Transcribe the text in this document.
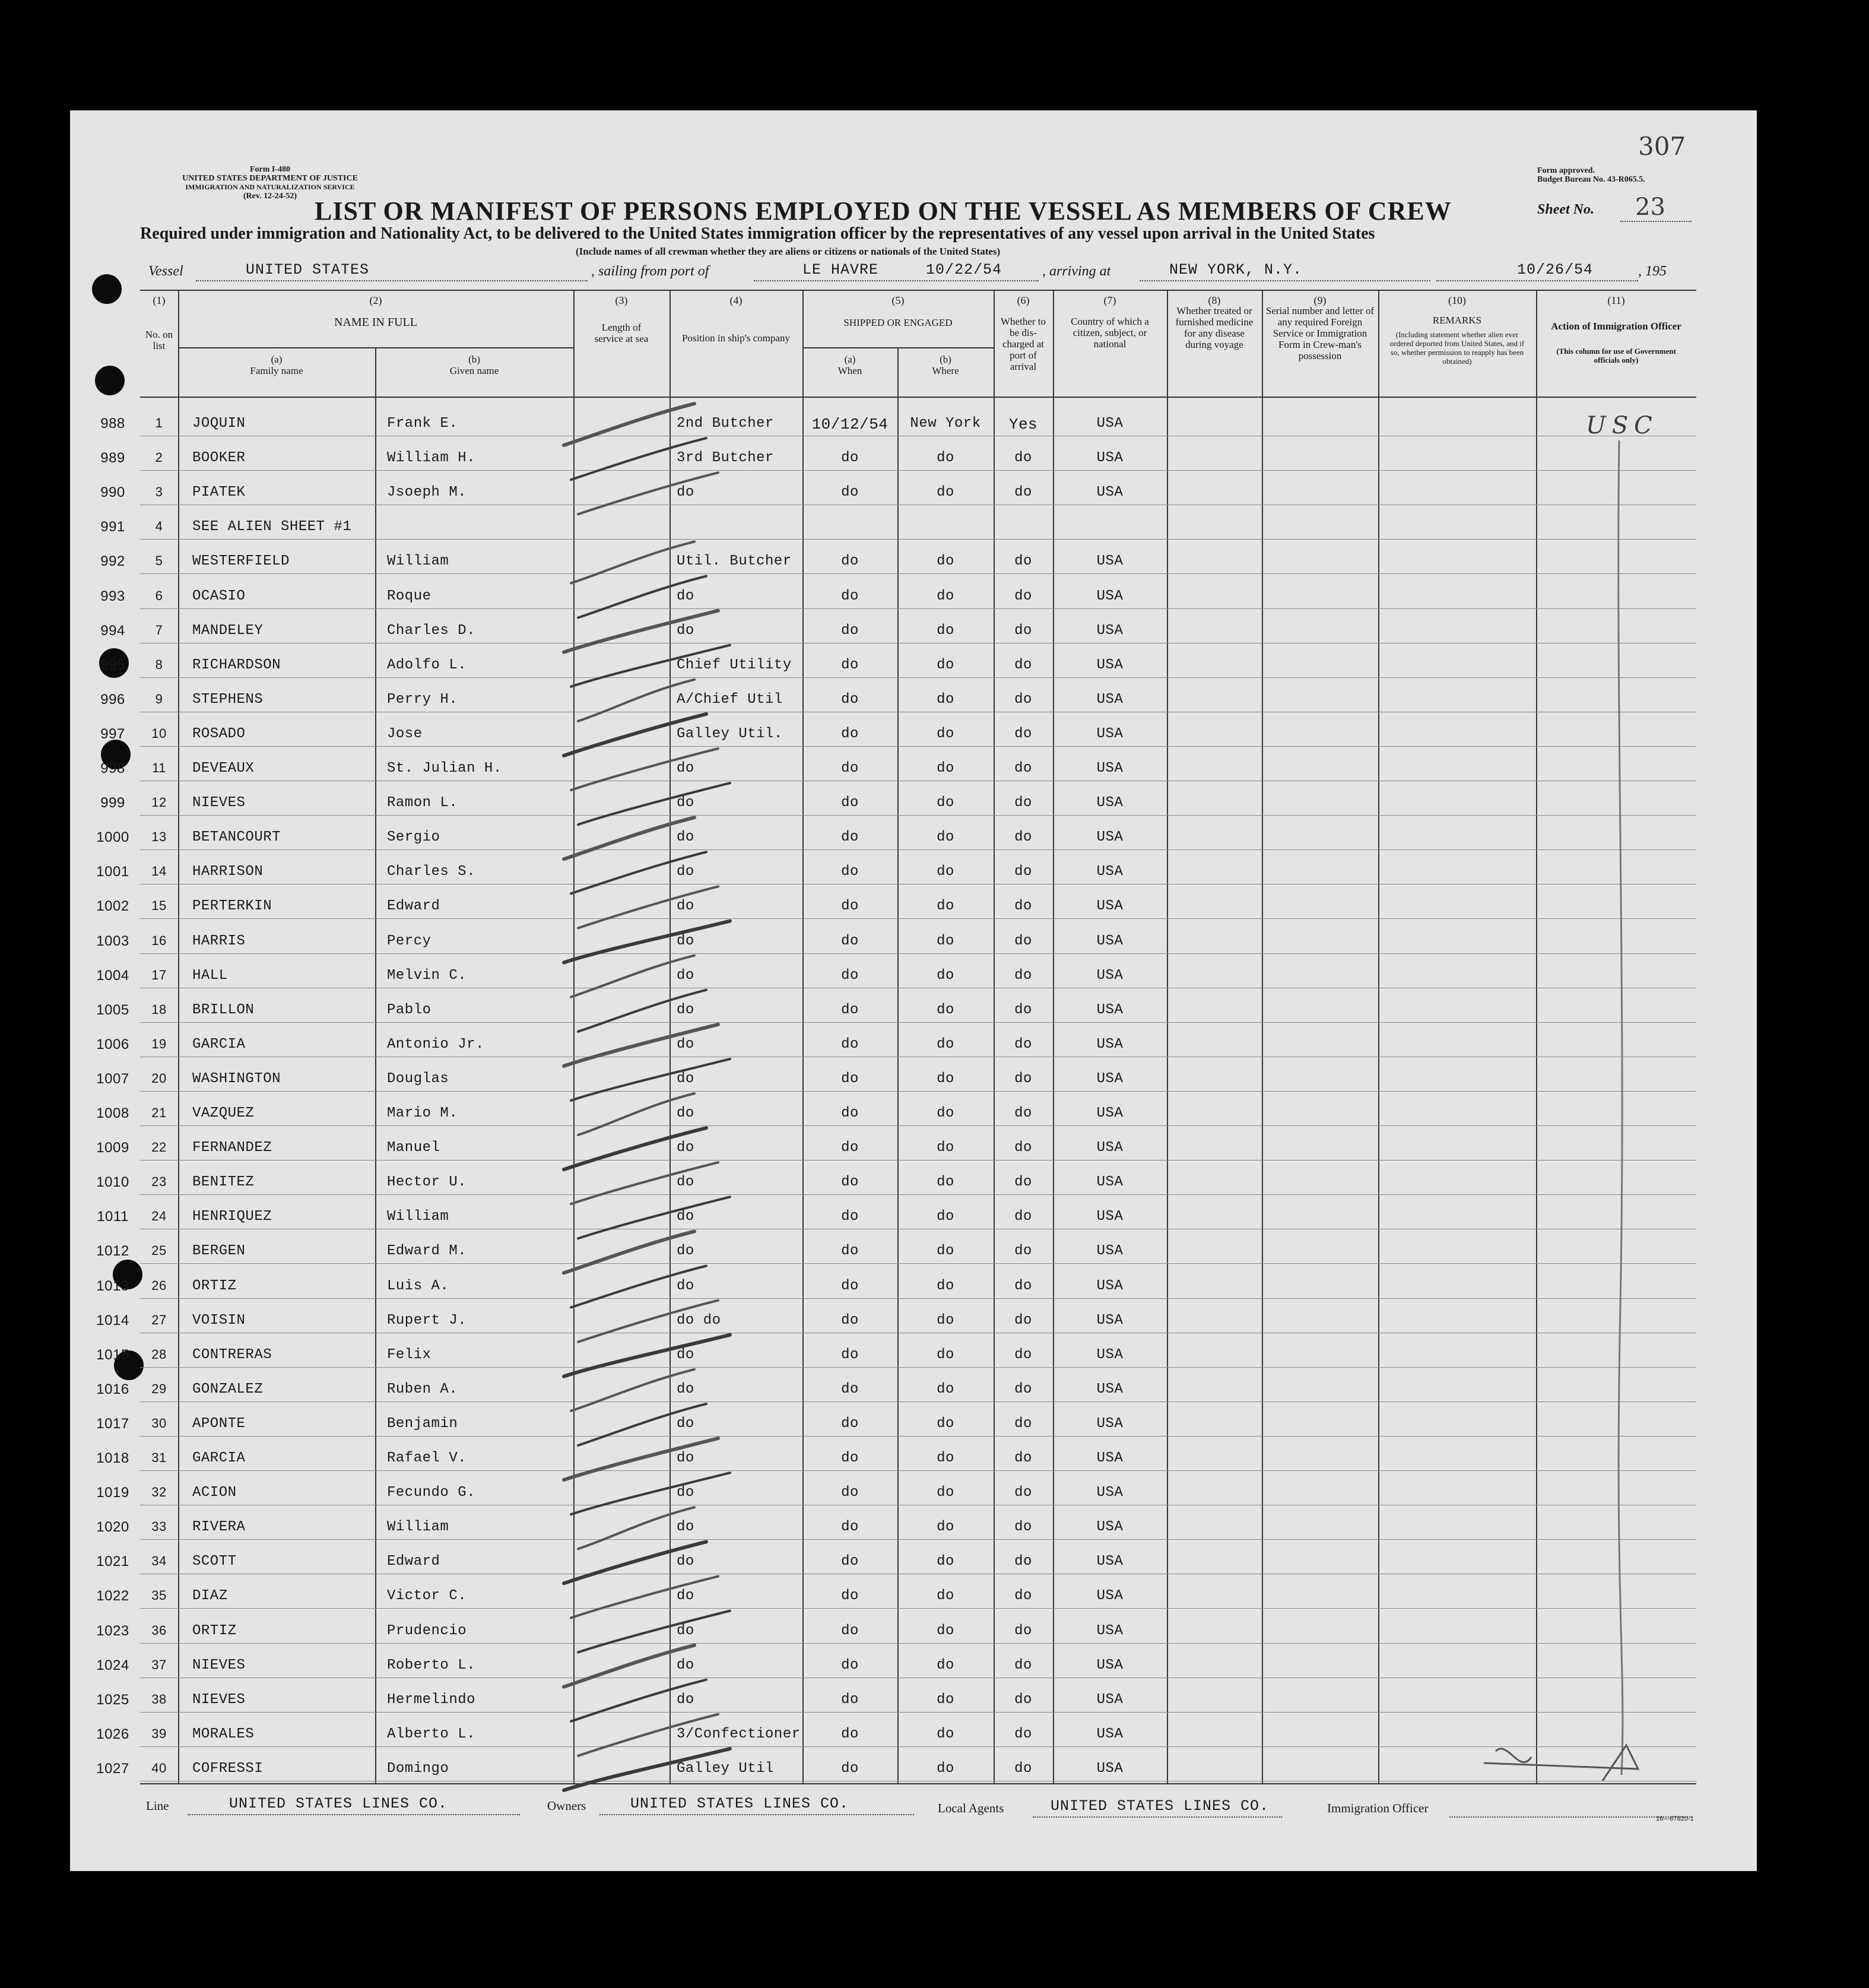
307
Form I-480
UNITED STATES DEPARTMENT OF JUSTICE
IMMIGRATION AND NATURALIZATION SERVICE
(Rev. 12-24-52)
Form approved.
Budget Bureau No. 43-R065.5.
LIST OR MANIFEST OF PERSONS EMPLOYED ON THE VESSEL AS MEMBERS OF CREW	Sheet No. 23
Required under immigration and Nationality Act, to be delivered to the United States immigration officer by the representatives of any vessel upon arrival in the United States
(Include names of all crewman whether they are aliens or citizens or nationals of the United States)
Vessel	UNITED STATES	, sailing from port of	LE HAVRE	10/22/54	, arriving at	NEW YORK, N.Y.	10/26/54	, 195
(1)
No. on list
(2)
NAME IN FULL
(a)
Family name
(b)
Given name
(3)
Length of service at sea
(4)
Position in ship's company
(5)
SHIPPED OR ENGAGED
(a)
When
(b)
Where
(6)
Whether to be dis-charged at port of arrival
(7)
Country of which a citizen, subject, or national
(8)
Whether treated or furnished medicine for any disease during voyage
(9)
Serial number and letter of any required Foreign Service or Immigration Form in Crew-man's possession
(10)
REMARKS
(Including statement whether alien ever ordered deported from United States, and if so, whether permission to reapply has been obtained)
(11)
Action of Immigration Officer
(This column for use of Government officials only)
988	1	JOQUIN	Frank E.	2nd Butcher	10/12/54	New York	Yes	USA
989	2	BOOKER	William H.	3rd Butcher	do	do	do	USA
990	3	PIATEK	Jsoeph M.	do	do	do	do	USA
991	4	SEE ALIEN SHEET #1
992	5	WESTERFIELD	William	Util. Butcher	do	do	do	USA
993	6	OCASIO	Roque	do	do	do	do	USA
994	7	MANDELEY	Charles D.	do	do	do	do	USA
995	8	RICHARDSON	Adolfo L.	Chief Utility	do	do	do	USA
996	9	STEPHENS	Perry H.	A/Chief Util	do	do	do	USA
997	10	ROSADO	Jose	Galley Util.	do	do	do	USA
998	11	DEVEAUX	St. Julian H.	do	do	do	do	USA
999	12	NIEVES	Ramon L.	do	do	do	do	USA
1000	13	BETANCOURT	Sergio	do	do	do	do	USA
1001	14	HARRISON	Charles S.	do	do	do	do	USA
1002	15	PERTERKIN	Edward	do	do	do	do	USA
1003	16	HARRIS	Percy	do	do	do	do	USA
1004	17	HALL	Melvin C.	do	do	do	do	USA
1005	18	BRILLON	Pablo	do	do	do	do	USA
1006	19	GARCIA	Antonio Jr.	do	do	do	do	USA
1007	20	WASHINGTON	Douglas	do	do	do	do	USA
1008	21	VAZQUEZ	Mario M.	do	do	do	do	USA
1009	22	FERNANDEZ	Manuel	do	do	do	do	USA
1010	23	BENITEZ	Hector U.	do	do	do	do	USA
1011	24	HENRIQUEZ	William	do	do	do	do	USA
1012	25	BERGEN	Edward M.	do	do	do	do	USA
1013	26	ORTIZ	Luis A.	do	do	do	do	USA
1014	27	VOISIN	Rupert J.	do do	do	do	do	USA
1015	28	CONTRERAS	Felix	do	do	do	do	USA
1016	29	GONZALEZ	Ruben A.	do	do	do	do	USA
1017	30	APONTE	Benjamin	do	do	do	do	USA
1018	31	GARCIA	Rafael V.	do	do	do	do	USA
1019	32	ACION	Fecundo G.	do	do	do	do	USA
1020	33	RIVERA	William	do	do	do	do	USA
1021	34	SCOTT	Edward	do	do	do	do	USA
1022	35	DIAZ	Victor C.	do	do	do	do	USA
1023	36	ORTIZ	Prudencio	do	do	do	do	USA
1024	37	NIEVES	Roberto L.	do	do	do	do	USA
1025	38	NIEVES	Hermelindo	do	do	do	do	USA
1026	39	MORALES	Alberto L.	3/Confectioner	do	do	do	USA
1027	40	COFRESSI	Domingo	Galley Util	do	do	do	USA
USC
Line	UNITED STATES LINES CO.	Owners	UNITED STATES LINES CO.	Local Agents	UNITED STATES LINES CO.	Immigration Officer
16—67820-1
